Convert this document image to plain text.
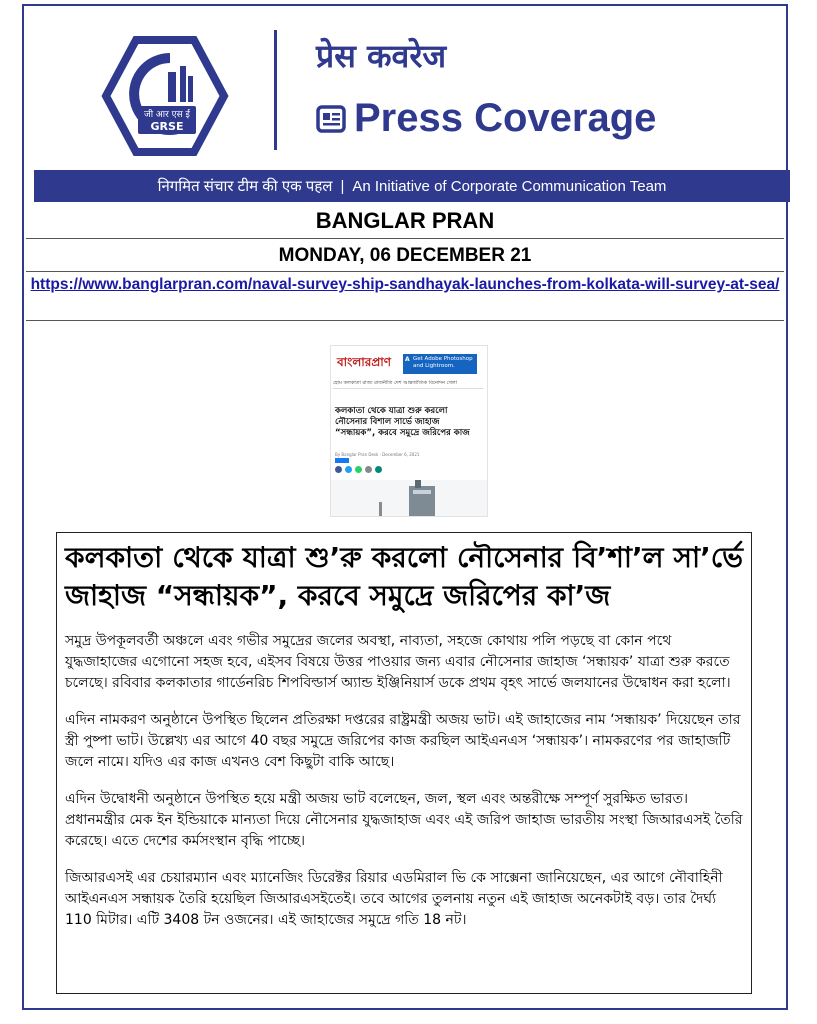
जी आर एस ई
GRSE
प्रेस कवरेज
Press Coverage
निगमित संचार टीम की एक पहल | An Initiative of Corporate Communication Team
BANGLAR PRAN
MONDAY, 06 DECEMBER 21
https://www.banglarpran.com/naval-survey-ship-sandhayak-launches-from-kolkata-will-survey-at-sea/
বাংলারপ্রাণ A Get Adobe Photoshop and Lightroom.
হোম কলকাতা রাজ্য রাজনীতি দেশ আন্তর্জাতিক বিনোদন খেলা
কলকাতা থেকে যাত্রা শুরু করলো নৌসেনার বিশাল সার্ভে জাহাজ “সন্ধায়ক”, করবে সমুদ্রে জরিপের কাজ
By Banglar Pran Desk · December 6, 2021
কলকাতা থেকে যাত্রা শু’রু করলো নৌসেনার বি’শা’ল সা’র্ভে জাহাজ “সন্ধায়ক”, করবে সমুদ্রে জরিপের কা’জ

সমুদ্র উপকূলবর্তী অঞ্চলে এবং গভীর সমুদ্রের জলের অবস্থা, নাব্যতা, সহজে কোথায় পলি পড়ছে বা কোন পথে যুদ্ধজাহাজের এগোনো সহজ হবে, এইসব বিষয়ে উত্তর পাওয়ার জন্য এবার নৌসেনার জাহাজ ‘সন্ধায়ক’ যাত্রা শুরু করতে চলেছে। রবিবার কলকাতার গার্ডেনরিচ শিপবিল্ডার্স অ্যান্ড ইঞ্জিনিয়ার্স ডকে প্রথম বৃহৎ সার্ভে জলযানের উদ্বোধন করা হলো।

এদিন নামকরণ অনুষ্ঠানে উপস্থিত ছিলেন প্রতিরক্ষা দপ্তরের রাষ্ট্রমন্ত্রী অজয় ভাট। এই জাহাজের নাম ‘সন্ধায়ক’ দিয়েছেন তার স্ত্রী পুষ্পা ভাট। উল্লেখ্য এর আগে 40 বছর সমুদ্রে জরিপের কাজ করছিল আইএনএস ‘সন্ধায়ক’। নামকরণের পর জাহাজটি জলে নামে। যদিও এর কাজ এখনও বেশ কিছুটা বাকি আছে।

এদিন উদ্বোধনী অনুষ্ঠানে উপস্থিত হয়ে মন্ত্রী অজয় ভাট বলেছেন, জল, স্থল এবং অন্তরীক্ষে সম্পূর্ণ সুরক্ষিত ভারত। প্রধানমন্ত্রীর মেক ইন ইন্ডিয়াকে মান্যতা দিয়ে নৌসেনার যুদ্ধজাহাজ এবং এই জরিপ জাহাজ ভারতীয় সংস্থা জিআরএসই তৈরি করেছে। এতে দেশের কর্মসংস্থান বৃদ্ধি পাচ্ছে।

জিআরএসই এর চেয়ারম্যান এবং ম্যানেজিং ডিরেক্টর রিয়ার এডমিরাল ভি কে সাক্সেনা জানিয়েছেন, এর আগে নৌবাহিনী আইএনএস সন্ধায়ক তৈরি হয়েছিল জিআরএসইতেই। তবে আগের তুলনায় নতুন এই জাহাজ অনেকটাই বড়। তার দৈর্ঘ্য 110 মিটার। এটি 3408 টন ওজনের। এই জাহাজের সমুদ্রে গতি 18 নট।
